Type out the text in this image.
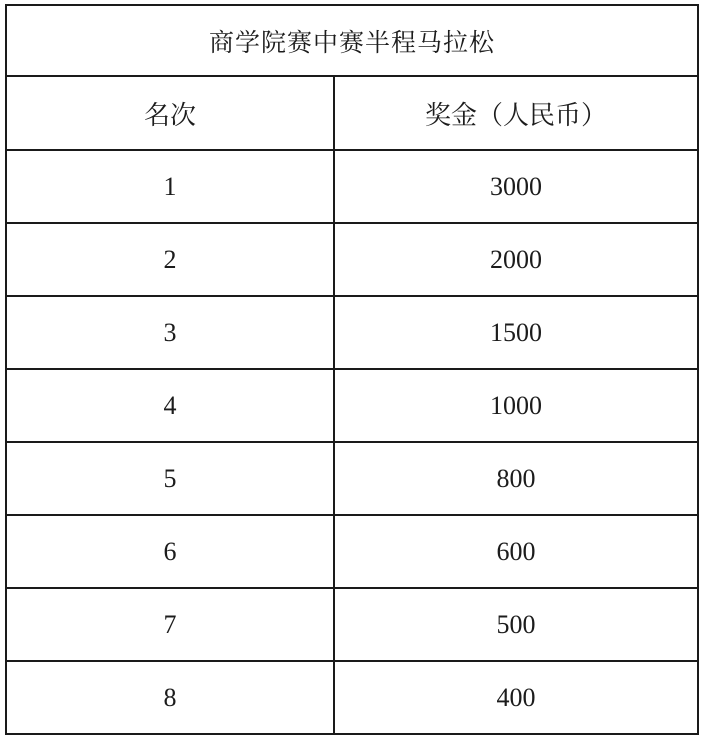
商学院赛中赛半程马拉松	
名次	奖金（人民币）
1	3000
2	2000
3	1500
4	1000
5	800
6	600
7	500
8	400
